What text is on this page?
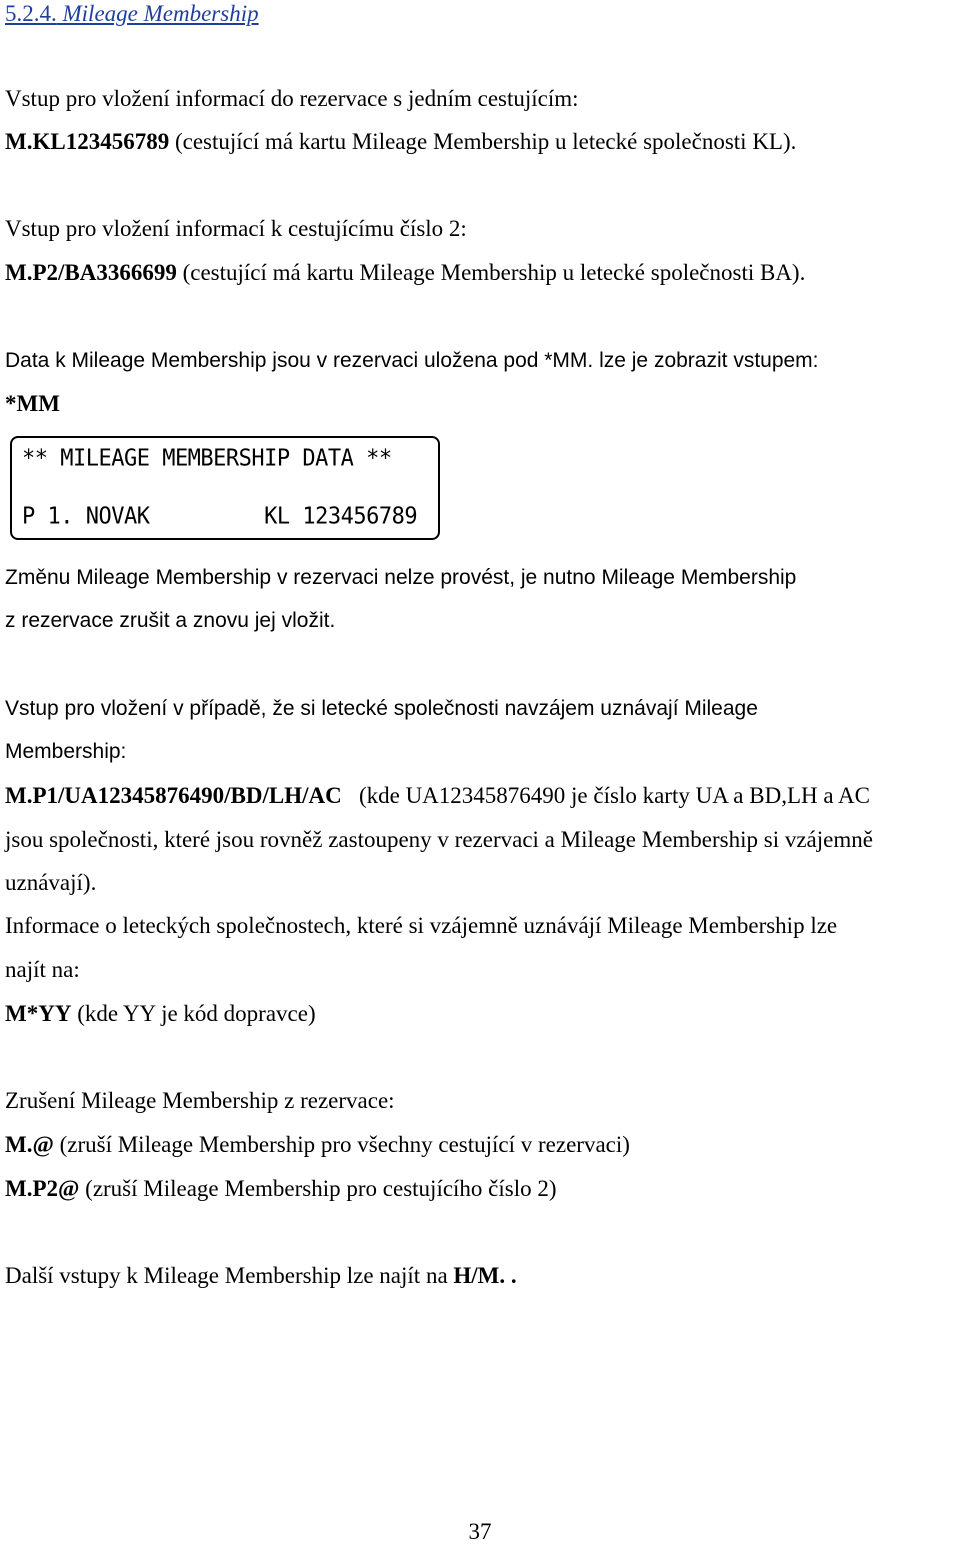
5.2.4. Mileage Membership
Vstup pro vložení informací do rezervace s jedním cestujícím:
M.KL123456789 (cestující má kartu Mileage Membership u letecké společnosti KL).
Vstup pro vložení informací k cestujícímu číslo 2:
M.P2/BA3366699 (cestující má kartu Mileage Membership u letecké společnosti BA).
Data k Mileage Membership jsou v rezervaci uložena pod *MM. lze je zobrazit vstupem:
*MM
** MILEAGE MEMBERSHIP DATA **
P 1. NOVAK         KL 123456789
Změnu Mileage Membership v rezervaci nelze provést, je nutno Mileage Membership
z rezervace zrušit a znovu jej vložit.
Vstup pro vložení v případě, že si letecké společnosti navzájem uznávají Mileage
Membership:
M.P1/UA12345876490/BD/LH/AC (kde UA12345876490 je číslo karty UA a BD,LH a AC
jsou společnosti, které jsou rovněž zastoupeny v rezervaci a Mileage Membership si vzájemně
uznávají).
Informace o leteckých společnostech, které si vzájemně uznávájí Mileage Membership lze
najít na:
M*YY (kde YY je kód dopravce)
Zrušení Mileage Membership z rezervace:
M.@ (zruší Mileage Membership pro všechny cestující v rezervaci)
M.P2@ (zruší Mileage Membership pro cestujícího číslo 2)
Další vstupy k Mileage Membership lze najít na H/M. .
37
